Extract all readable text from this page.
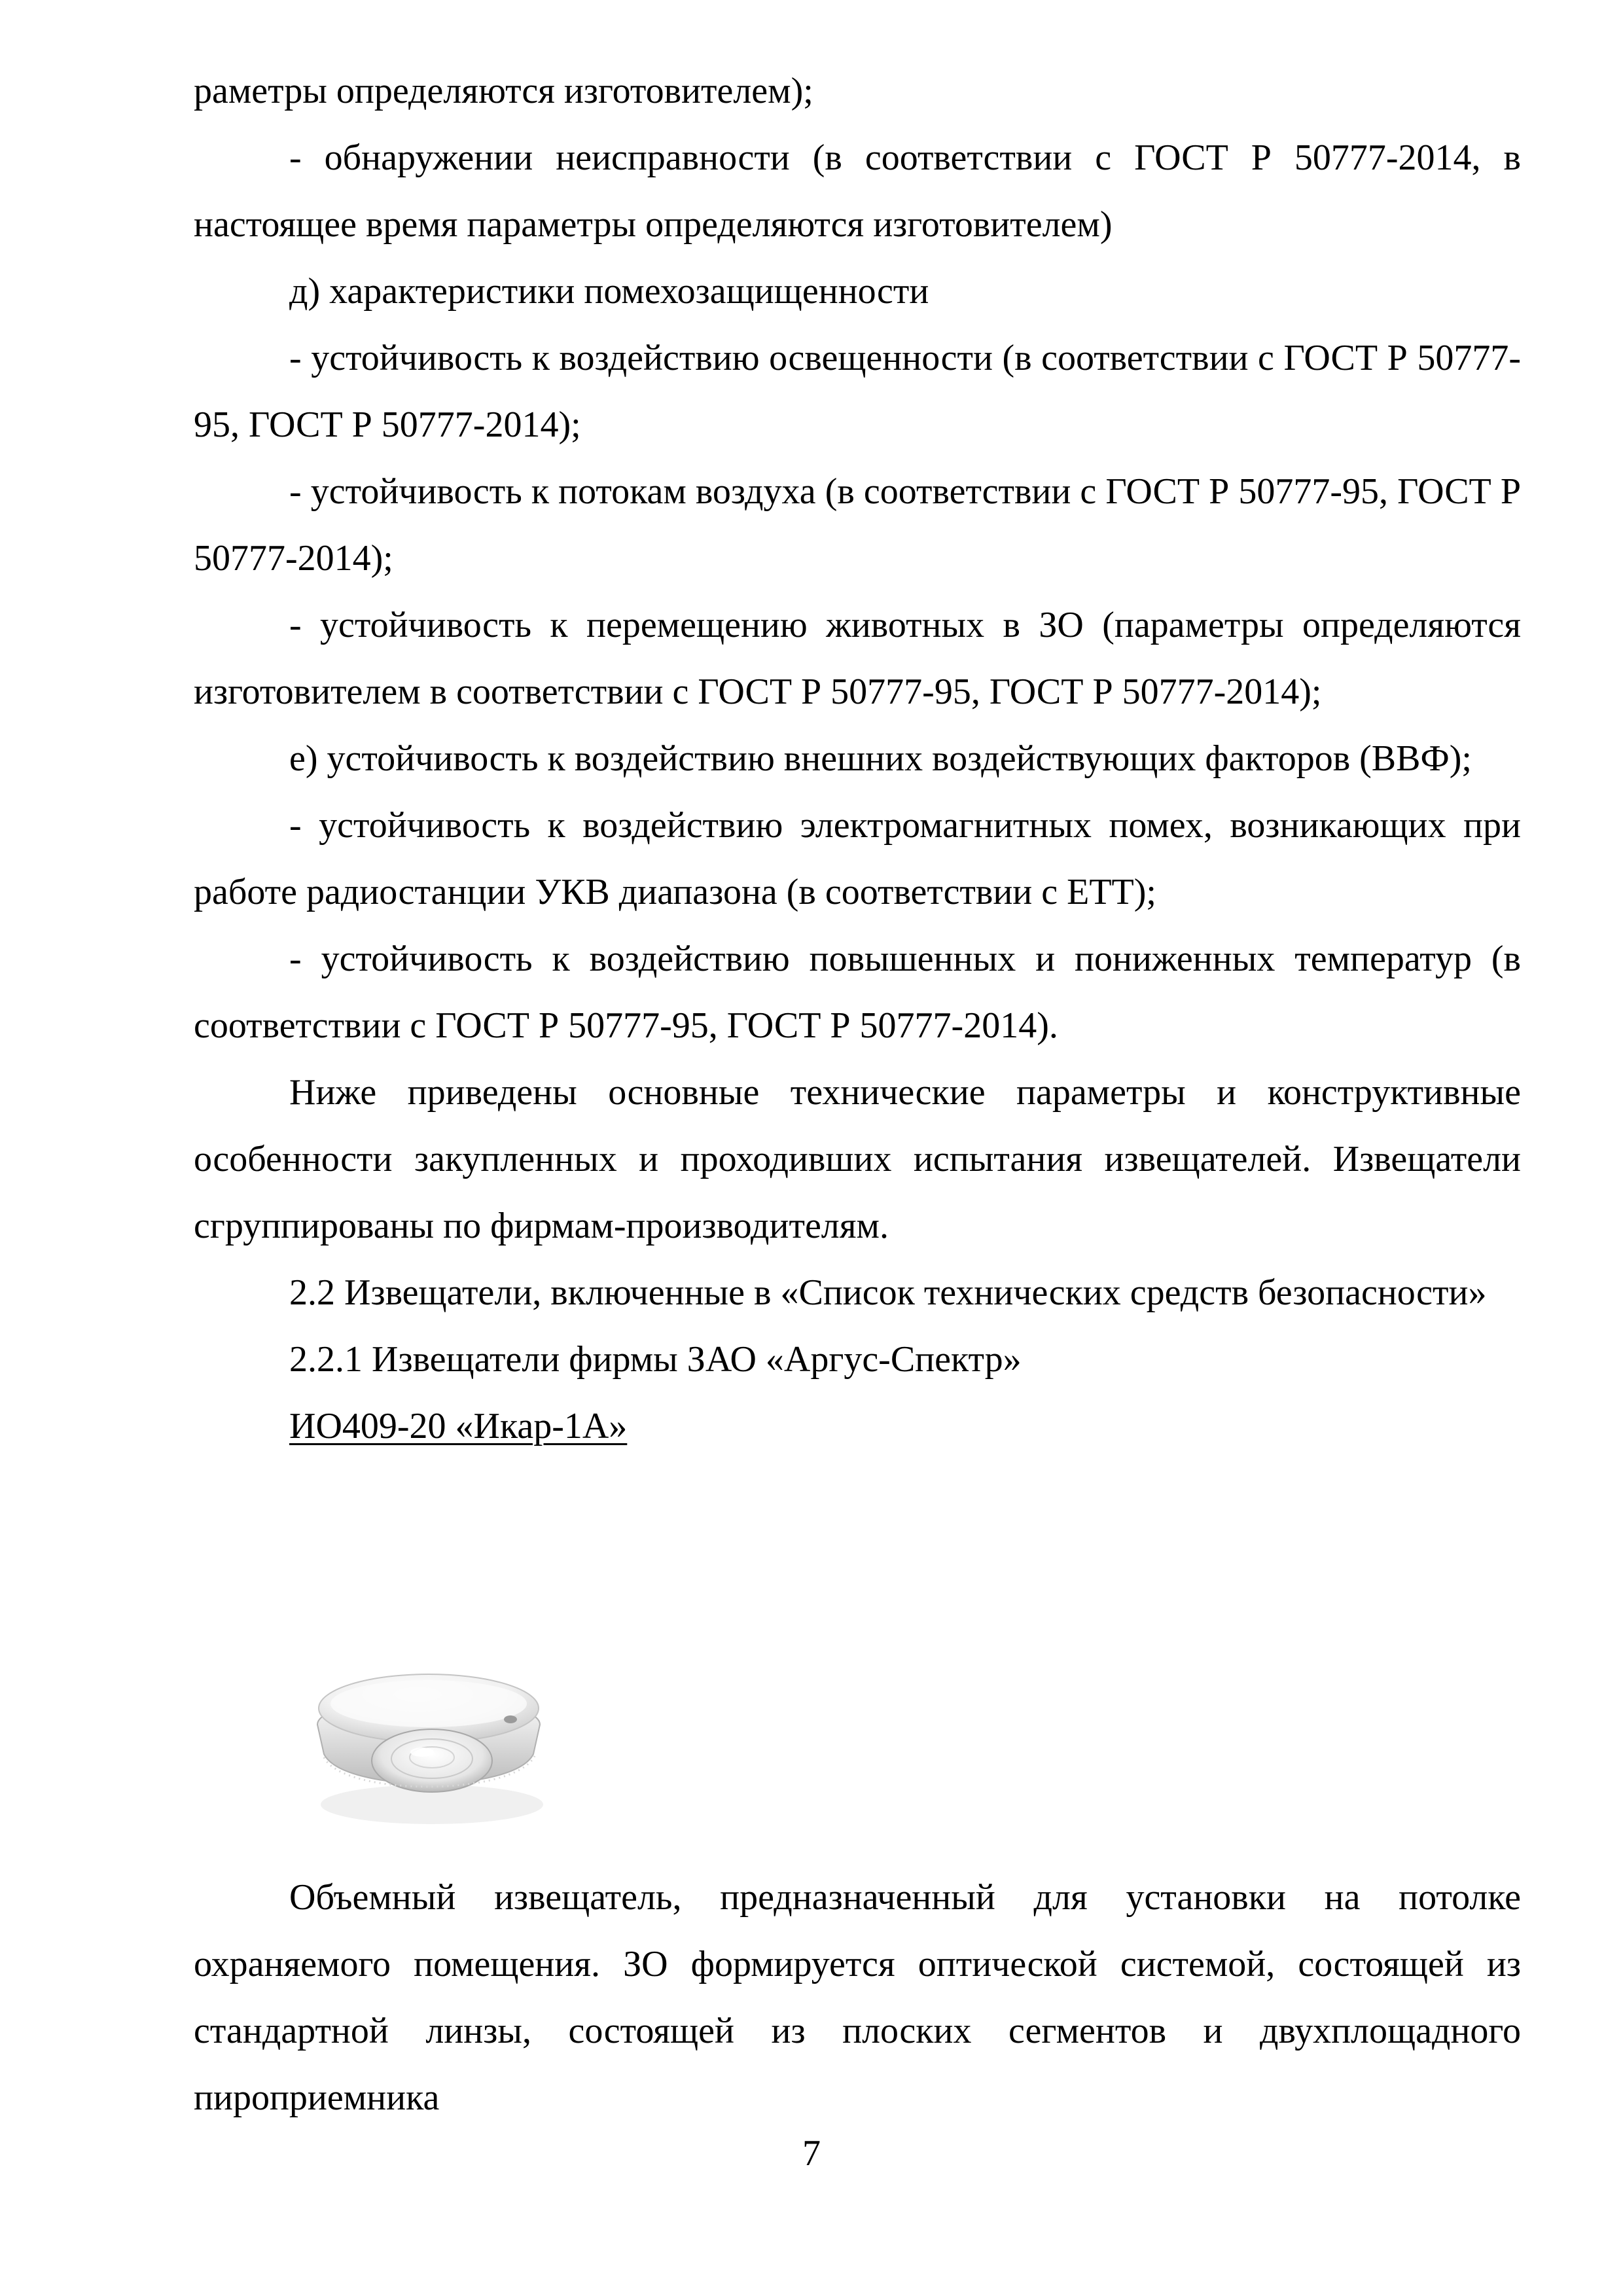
раметры определяются изготовителем);

- обнаружении неисправности (в соответствии с ГОСТ Р 50777-2014, в настоящее время параметры определяются изготовителем)

д) характеристики помехозащищенности

- устойчивость к воздействию освещенности (в соответствии с ГОСТ Р 50777-95, ГОСТ Р 50777-2014);

- устойчивость к потокам воздуха (в соответствии с ГОСТ Р 50777-95, ГОСТ Р 50777-2014);

- устойчивость к перемещению животных в ЗО (параметры определяются изготовителем в соответствии с ГОСТ Р 50777-95, ГОСТ Р 50777-2014);

е) устойчивость к воздействию внешних воздействующих факторов (ВВФ);

- устойчивость к воздействию электромагнитных помех, возникающих при работе радиостанции УКВ диапазона (в соответствии с ЕТТ);

- устойчивость к воздействию повышенных и пониженных температур (в соответствии с ГОСТ Р 50777-95, ГОСТ Р 50777-2014).

Ниже приведены основные технические параметры и конструктивные особенности закупленных и проходивших испытания извещателей. Извещатели сгруппированы по фирмам-производителям.

2.2 Извещатели, включенные в «Список технических средств безопасности»

2.2.1 Извещатели фирмы ЗАО «Аргус-Спектр»

ИО409-20 «Икар-1А»

Объемный извещатель, предназначенный для установки на потолке охраняемого помещения. ЗО формируется оптической системой, состоящей из стандартной линзы, состоящей из плоских сегментов и двухплощадного пироприемника

7
